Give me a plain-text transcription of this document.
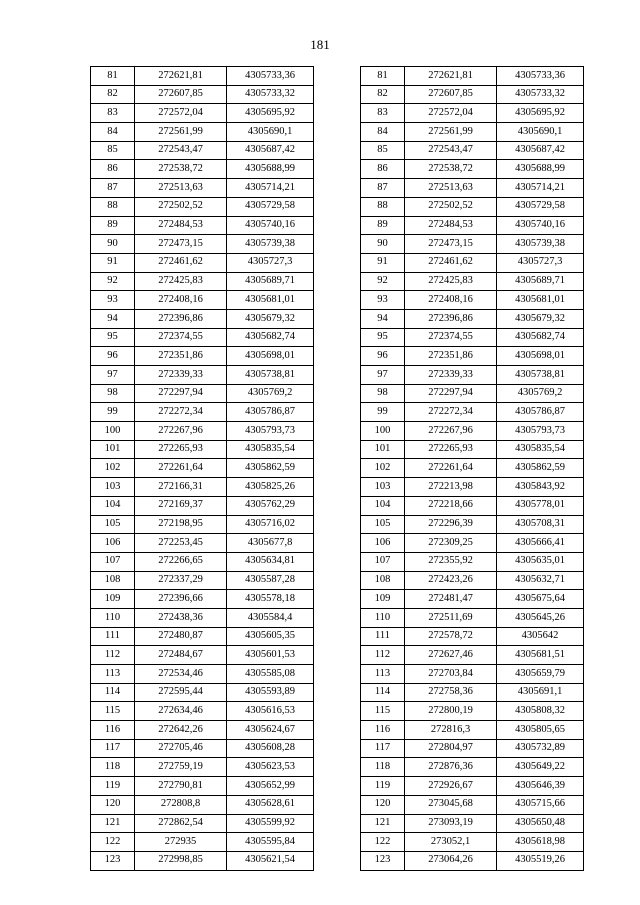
181
81	272621,81	4305733,36
82	272607,85	4305733,32
83	272572,04	4305695,92
84	272561,99	4305690,1
85	272543,47	4305687,42
86	272538,72	4305688,99
87	272513,63	4305714,21
88	272502,52	4305729,58
89	272484,53	4305740,16
90	272473,15	4305739,38
91	272461,62	4305727,3
92	272425,83	4305689,71
93	272408,16	4305681,01
94	272396,86	4305679,32
95	272374,55	4305682,74
96	272351,86	4305698,01
97	272339,33	4305738,81
98	272297,94	4305769,2
99	272272,34	4305786,87
100	272267,96	4305793,73
101	272265,93	4305835,54
102	272261,64	4305862,59
103	272166,31	4305825,26
104	272169,37	4305762,29
105	272198,95	4305716,02
106	272253,45	4305677,8
107	272266,65	4305634,81
108	272337,29	4305587,28
109	272396,66	4305578,18
110	272438,36	4305584,4
111	272480,87	4305605,35
112	272484,67	4305601,53
113	272534,46	4305585,08
114	272595,44	4305593,89
115	272634,46	4305616,53
116	272642,26	4305624,67
117	272705,46	4305608,28
118	272759,19	4305623,53
119	272790,81	4305652,99
120	272808,8	4305628,61
121	272862,54	4305599,92
122	272935	4305595,84
123	272998,85	4305621,54
81	272621,81	4305733,36
82	272607,85	4305733,32
83	272572,04	4305695,92
84	272561,99	4305690,1
85	272543,47	4305687,42
86	272538,72	4305688,99
87	272513,63	4305714,21
88	272502,52	4305729,58
89	272484,53	4305740,16
90	272473,15	4305739,38
91	272461,62	4305727,3
92	272425,83	4305689,71
93	272408,16	4305681,01
94	272396,86	4305679,32
95	272374,55	4305682,74
96	272351,86	4305698,01
97	272339,33	4305738,81
98	272297,94	4305769,2
99	272272,34	4305786,87
100	272267,96	4305793,73
101	272265,93	4305835,54
102	272261,64	4305862,59
103	272213,98	4305843,92
104	272218,66	4305778,01
105	272296,39	4305708,31
106	272309,25	4305666,41
107	272355,92	4305635,01
108	272423,26	4305632,71
109	272481,47	4305675,64
110	272511,69	4305645,26
111	272578,72	4305642
112	272627,46	4305681,51
113	272703,84	4305659,79
114	272758,36	4305691,1
115	272800,19	4305808,32
116	272816,3	4305805,65
117	272804,97	4305732,89
118	272876,36	4305649,22
119	272926,67	4305646,39
120	273045,68	4305715,66
121	273093,19	4305650,48
122	273052,1	4305618,98
123	273064,26	4305519,26
